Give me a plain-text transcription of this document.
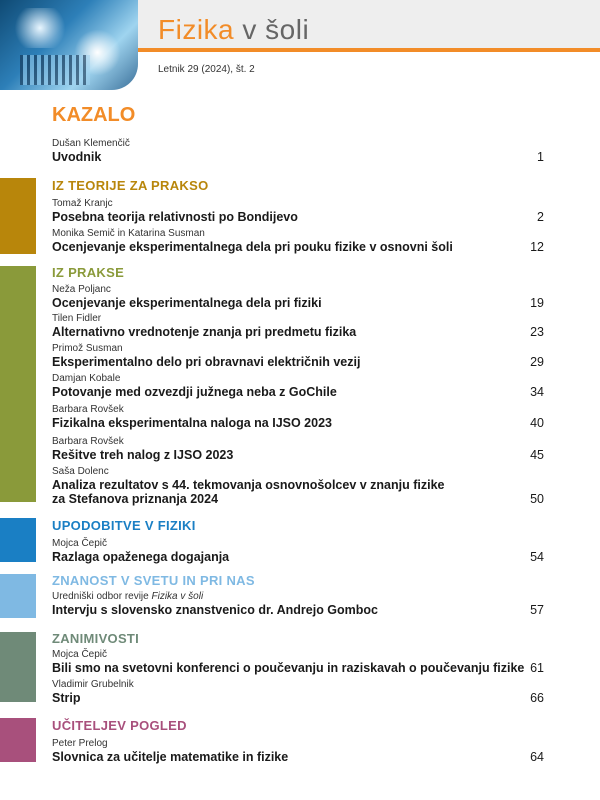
Fizika v šoli
Letnik 29 (2024), št. 2
KAZALO
Dušan Klemenčič
Uvodnik	1
IZ TEORIJE ZA PRAKSO
Tomaž Kranjc
Posebna teorija relativnosti po Bondijevo	2
Monika Semič in Katarina Susman
Ocenjevanje eksperimentalnega dela pri pouku fizike v osnovni šoli	12
IZ PRAKSE
Neža Poljanc
Ocenjevanje eksperimentalnega dela pri fiziki	19
Tilen Fidler
Alternativno vrednotenje znanja pri predmetu fizika	23
Primož Susman
Eksperimentalno delo pri obravnavi električnih vezij	29
Damjan Kobale
Potovanje med ozvezdji južnega neba z GoChile	34
Barbara Rovšek
Fizikalna eksperimentalna naloga na IJSO 2023	40
Barbara Rovšek
Rešitve treh nalog z IJSO 2023	45
Saša Dolenc
Analiza rezultatov s 44. tekmovanja osnovnošolcev v znanju fizike
za Stefanova priznanja 2024	50
UPODOBITVE V FIZIKI
Mojca Čepič
Razlaga opaženega dogajanja	54
ZNANOST V SVETU IN PRI NAS
Uredniški odbor revije Fizika v šoli
Intervju s slovensko znanstvenico dr. Andrejo Gomboc	57
ZANIMIVOSTI
Mojca Čepič
Bili smo na svetovni konferenci o poučevanju in raziskavah o poučevanju fizike 61
Vladimir Grubelnik
Strip	66
UČITELJEV POGLED
Peter Prelog
Slovnica za učitelje matematike in fizike	64
